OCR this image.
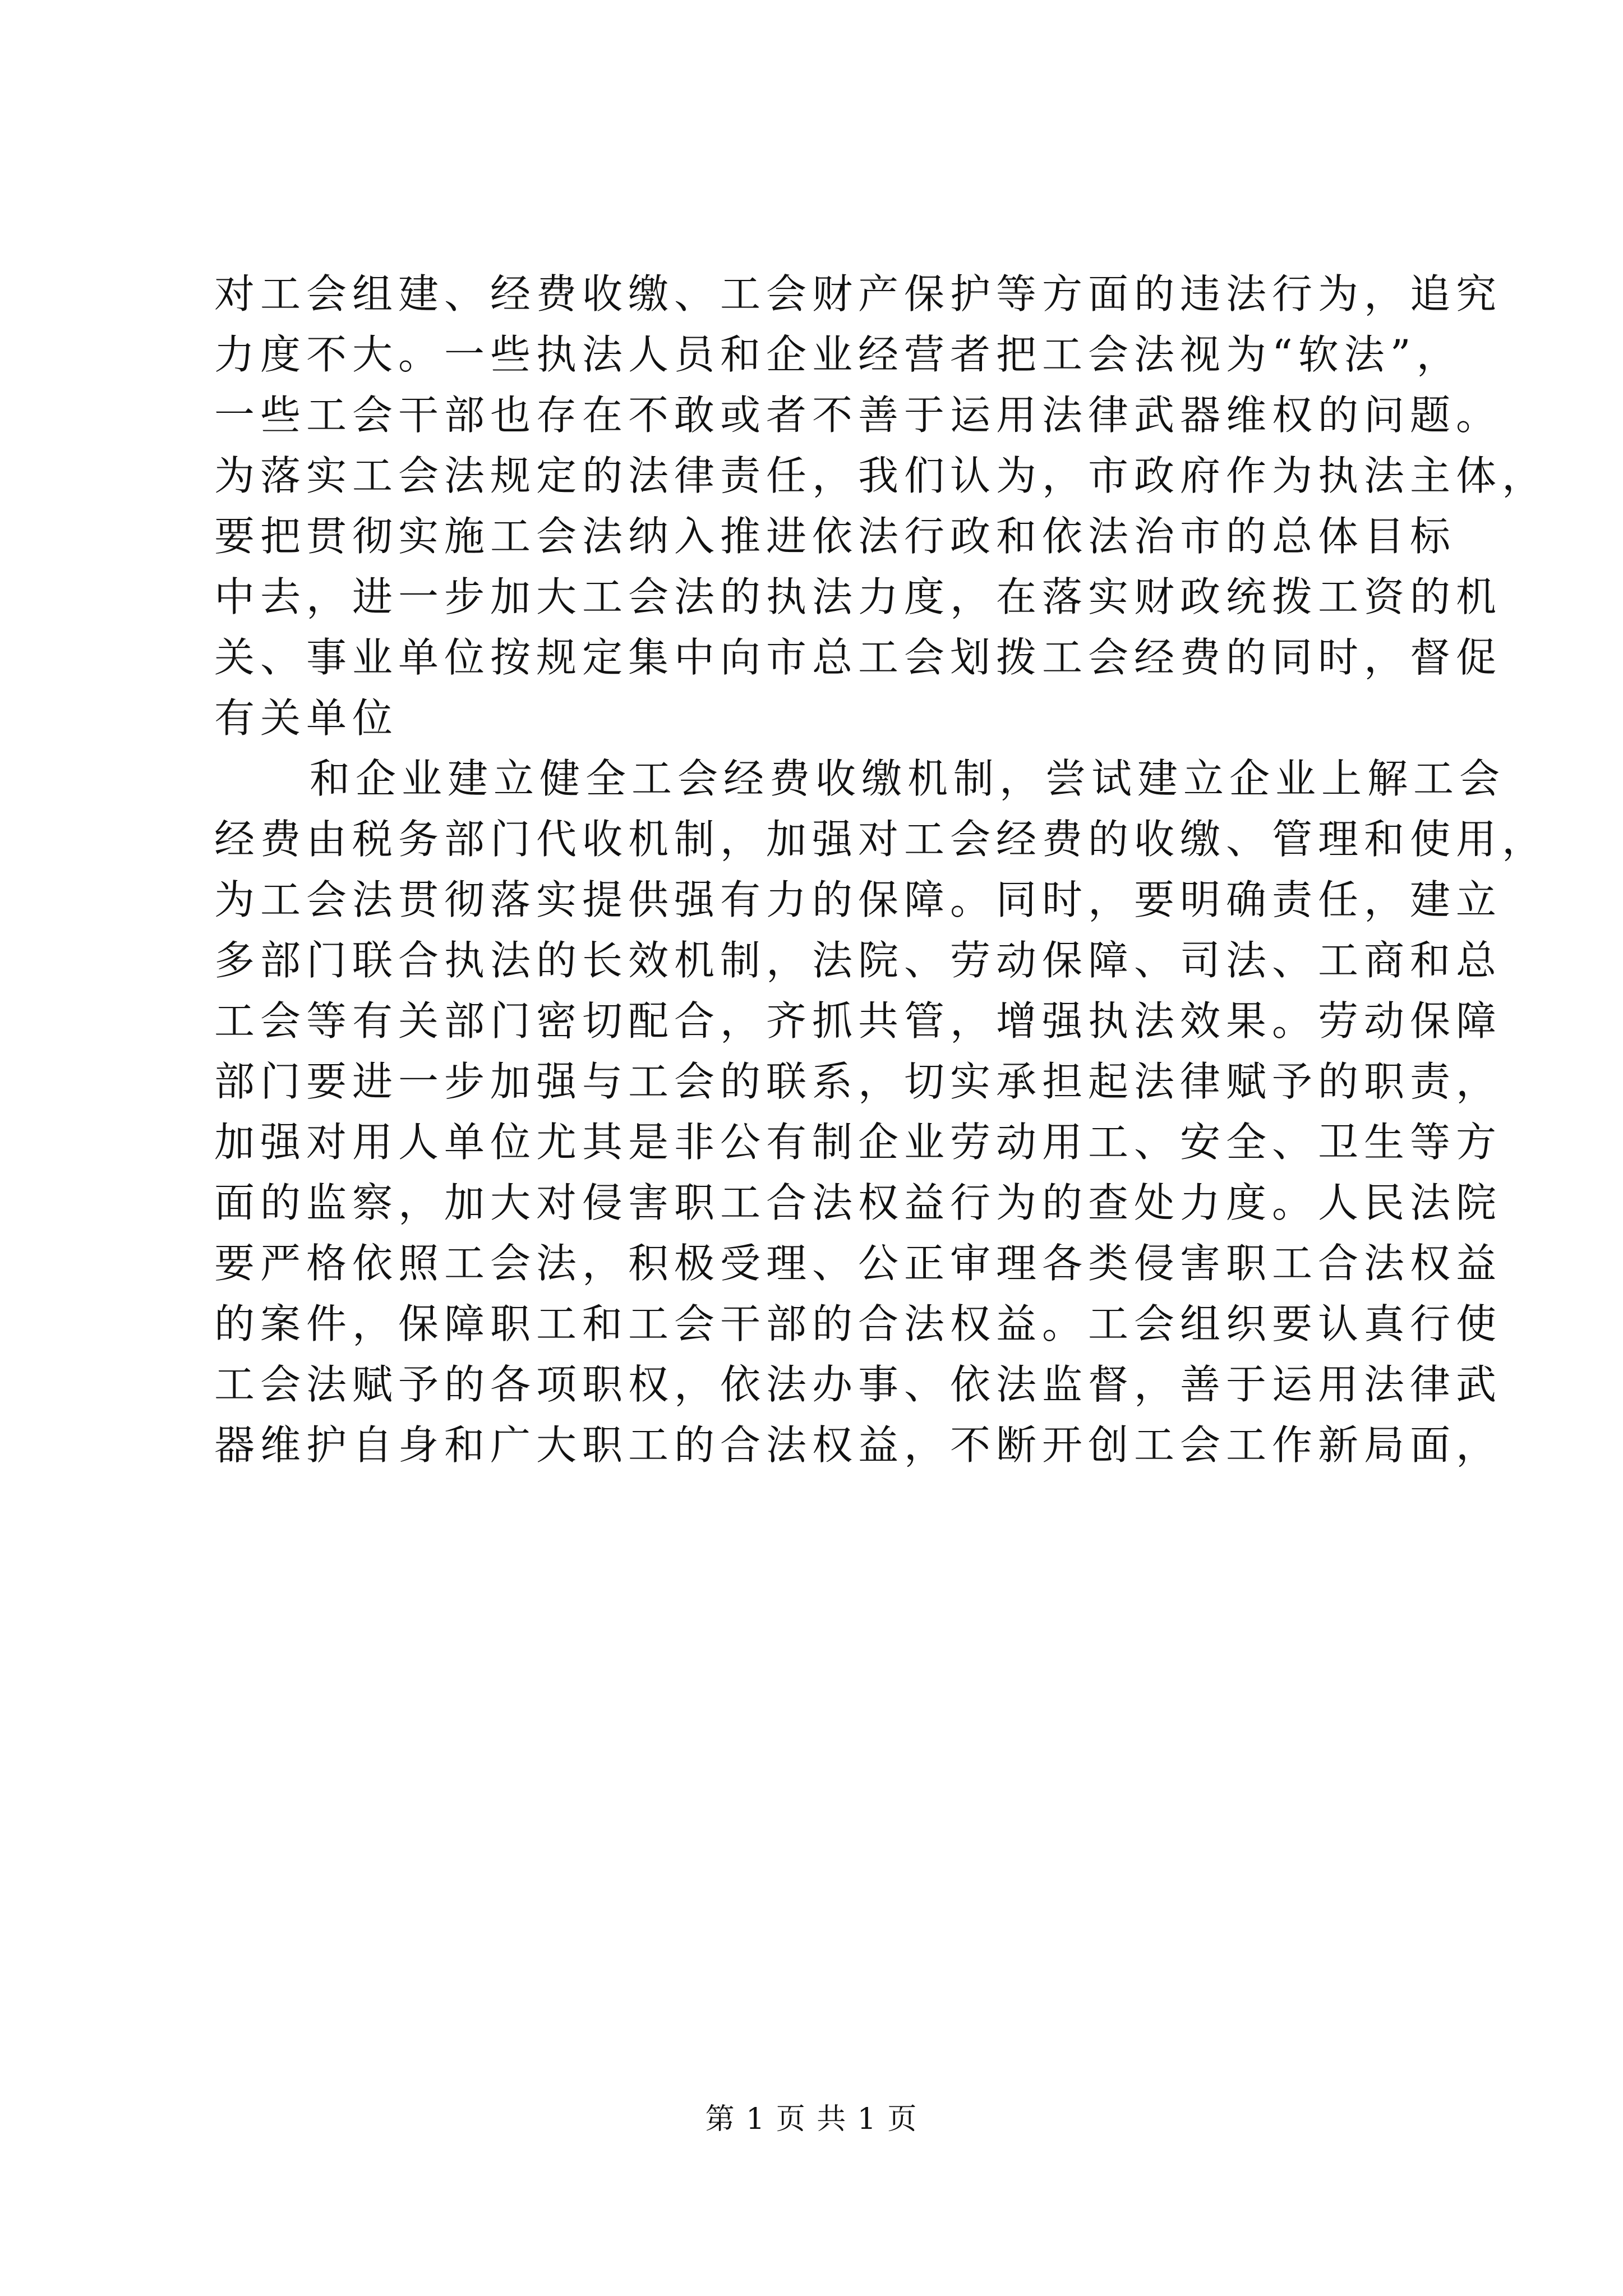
对工会组建、经费收缴、工会财产保护等方面的违法行为，追究
力度不大。一些执法人员和企业经营者把工会法视为“软法”，
一些工会干部也存在不敢或者不善于运用法律武器维权的问题。
为落实工会法规定的法律责任，我们认为，市政府作为执法主体，
要把贯彻实施工会法纳入推进依法行政和依法治市的总体目标
中去，进一步加大工会法的执法力度，在落实财政统拨工资的机
关、事业单位按规定集中向市总工会划拨工会经费的同时，督促
有关单位
和企业建立健全工会经费收缴机制，尝试建立企业上解工会
经费由税务部门代收机制，加强对工会经费的收缴、管理和使用，
为工会法贯彻落实提供强有力的保障。同时，要明确责任，建立
多部门联合执法的长效机制，法院、劳动保障、司法、工商和总
工会等有关部门密切配合，齐抓共管，增强执法效果。劳动保障
部门要进一步加强与工会的联系，切实承担起法律赋予的职责，
加强对用人单位尤其是非公有制企业劳动用工、安全、卫生等方
面的监察，加大对侵害职工合法权益行为的查处力度。人民法院
要严格依照工会法，积极受理、公正审理各类侵害职工合法权益
的案件，保障职工和工会干部的合法权益。工会组织要认真行使
工会法赋予的各项职权，依法办事、依法监督，善于运用法律武
器维护自身和广大职工的合法权益，不断开创工会工作新局面，
第 1 页 共 1 页
